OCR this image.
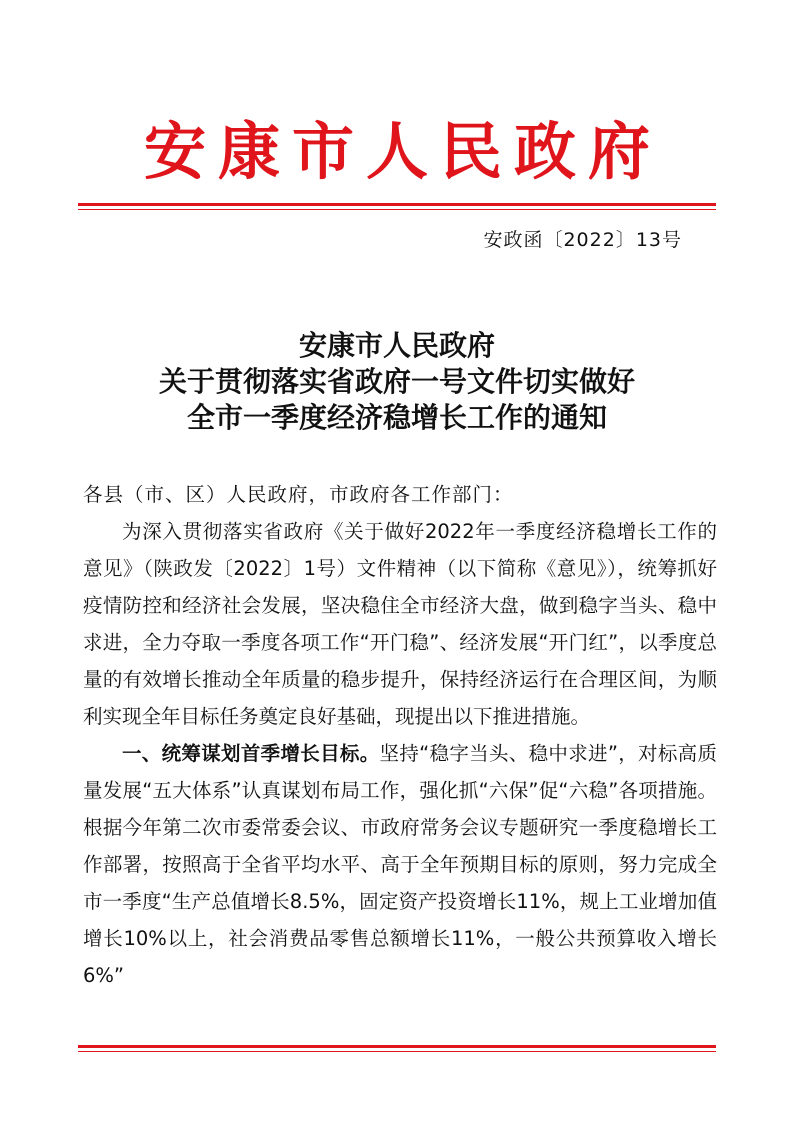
安康市人民政府
安政函〔2022〕13号
安康市人民政府
关于贯彻落实省政府一号文件切实做好
全市一季度经济稳增长工作的通知

各县（市、区）人民政府，市政府各工作部门：

为深入贯彻落实省政府《关于做好2022年一季度经济稳增长工作的意见》（陕政发〔2022〕1号）文件精神（以下简称《意见》），统筹抓好疫情防控和经济社会发展，坚决稳住全市经济大盘，做到稳字当头、稳中求进，全力夺取一季度各项工作“开门稳”、经济发展“开门红”，以季度总量的有效增长推动全年质量的稳步提升，保持经济运行在合理区间，为顺利实现全年目标任务奠定良好基础，现提出以下推进措施。

一、统筹谋划首季增长目标。坚持“稳字当头、稳中求进”，对标高质量发展“五大体系”认真谋划布局工作，强化抓“六保”促“六稳”各项措施。根据今年第二次市委常委会议、市政府常务会议专题研究一季度稳增长工作部署，按照高于全省平均水平、高于全年预期目标的原则，努力完成全市一季度“生产总值增长8.5%，固定资产投资增长11%，规上工业增加值增长10%以上，社会消费品零售总额增长11%，一般公共预算收入增长6%”
